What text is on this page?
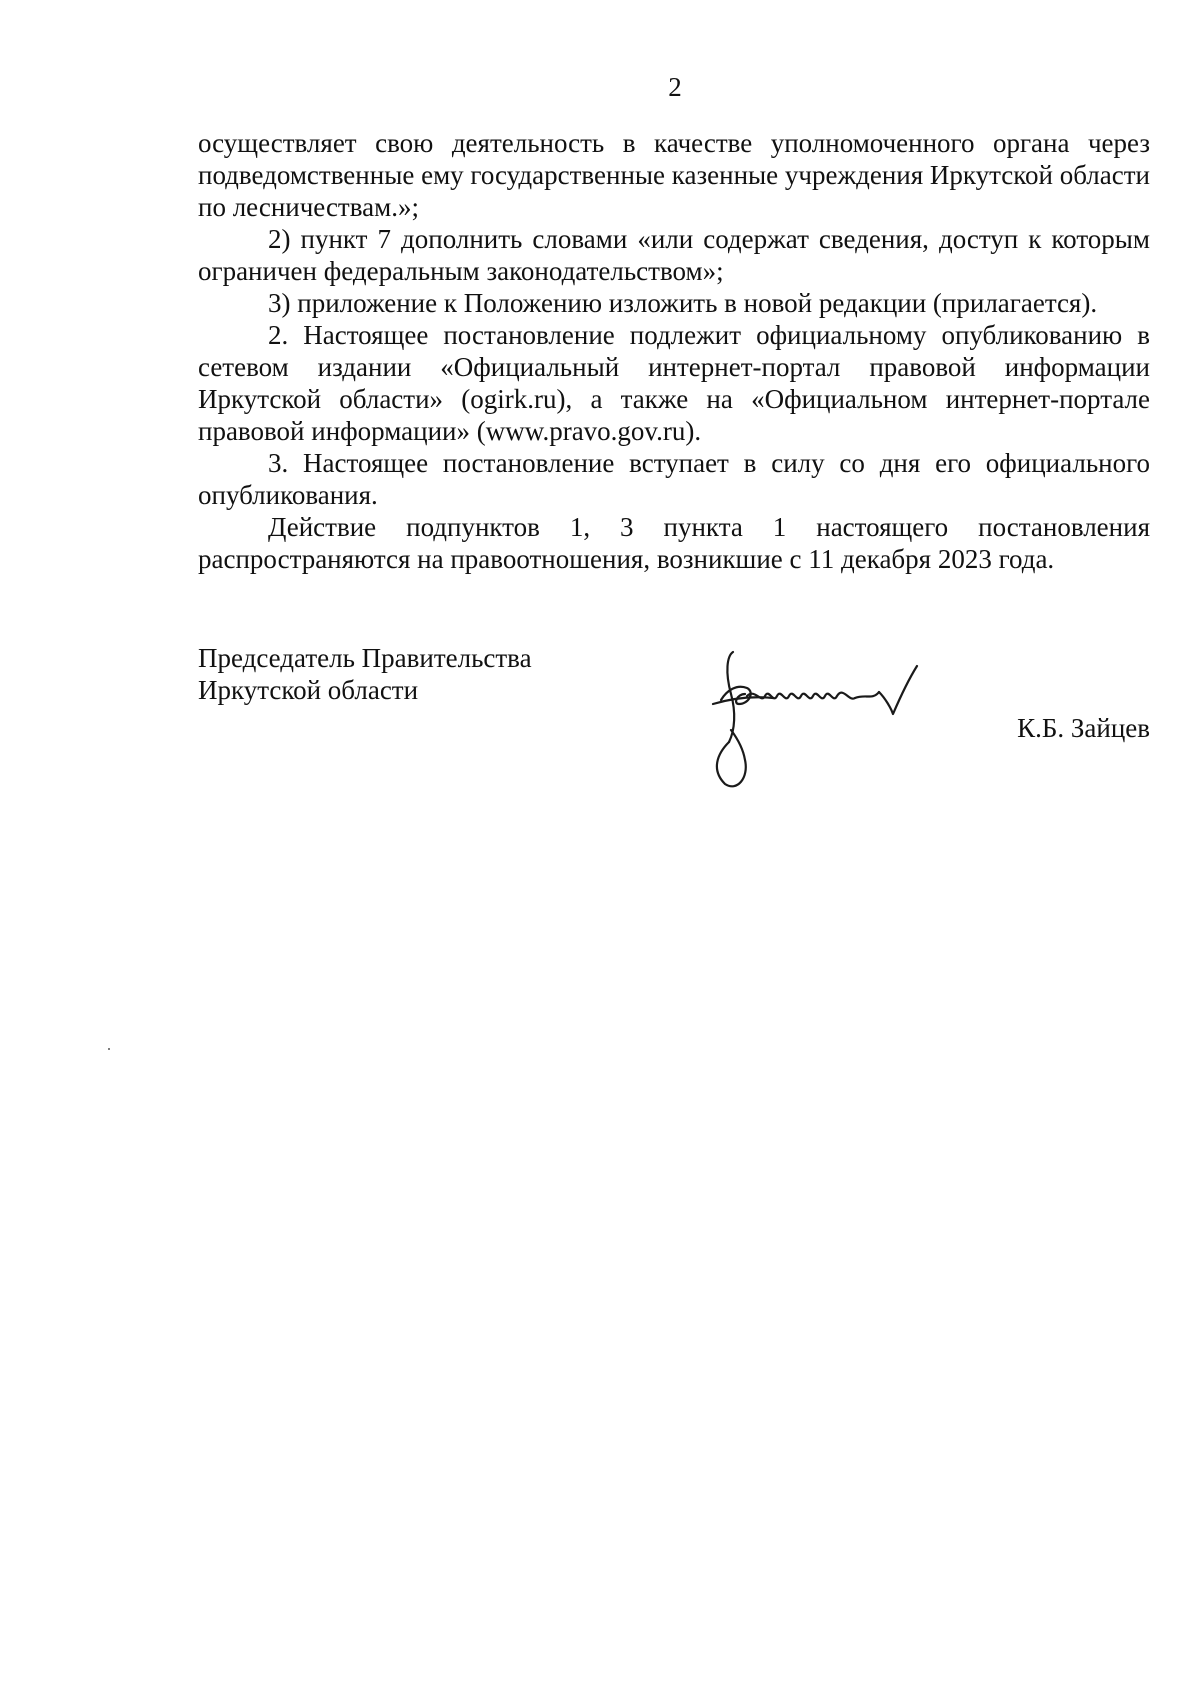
2

осуществляет свою деятельность в качестве уполномоченного органа через подведомственные ему государственные казенные учреждения Иркутской области по лесничествам.»;

2) пункт 7 дополнить словами «или содержат сведения, доступ к которым ограничен федеральным законодательством»;

3) приложение к Положению изложить в новой редакции (прилагается).

2. Настоящее постановление подлежит официальному опубликованию в сетевом издании «Официальный интернет-портал правовой информации Иркутской области» (ogirk.ru), а также на «Официальном интернет-портале правовой информации» (www.pravo.gov.ru).

3. Настоящее постановление вступает в силу со дня его официального опубликования.

Действие подпунктов 1, 3 пункта 1 настоящего постановления распространяются на правоотношения, возникшие с 11 декабря 2023 года.

Председатель Правительства
Иркутской области
К.Б. Зайцев
